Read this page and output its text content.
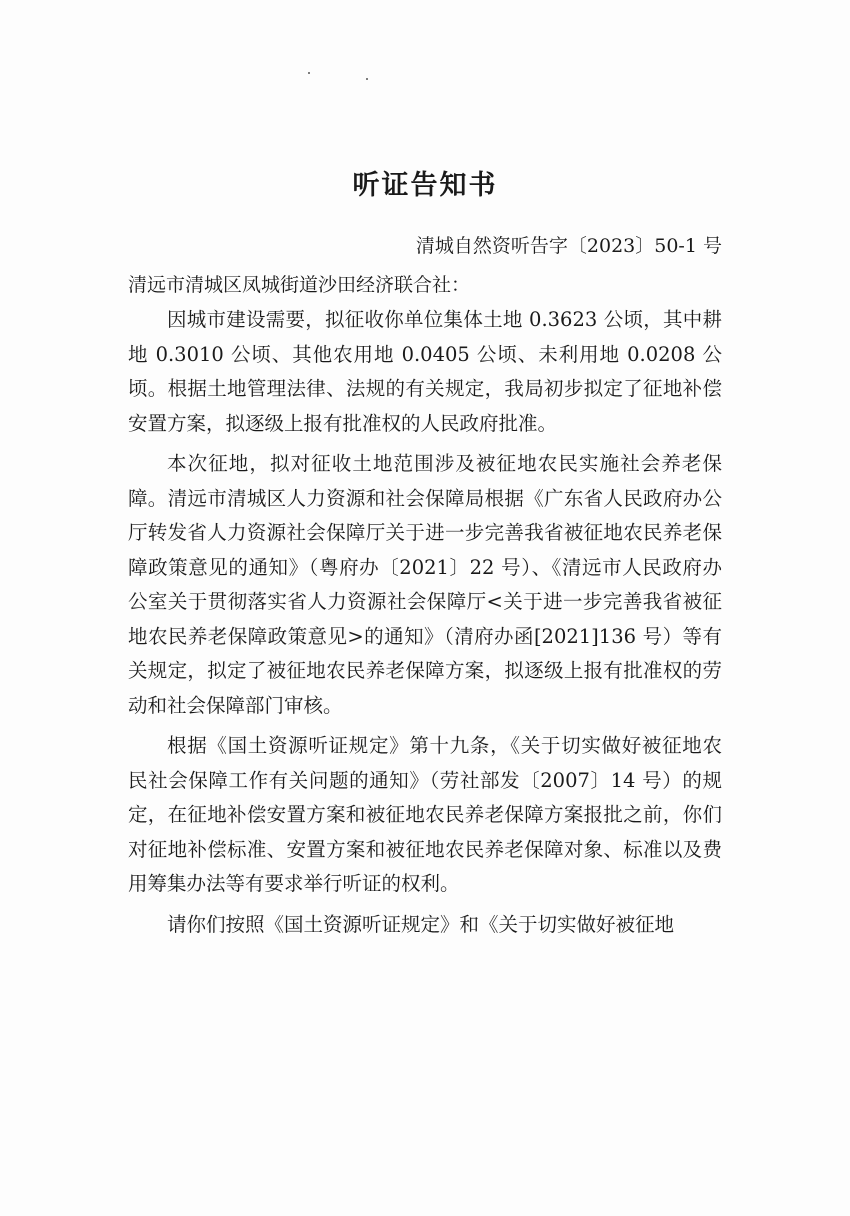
听证告知书
清城自然资听告字〔2023〕50-1 号
清远市清城区凤城街道沙田经济联合社：

因城市建设需要，拟征收你单位集体土地 0.3623 公顷，其中耕地 0.3010 公顷、其他农用地 0.0405 公顷、未利用地 0.0208 公顷。根据土地管理法律、法规的有关规定，我局初步拟定了征地补偿安置方案，拟逐级上报有批准权的人民政府批准。

本次征地，拟对征收土地范围涉及被征地农民实施社会养老保障。清远市清城区人力资源和社会保障局根据《广东省人民政府办公厅转发省人力资源社会保障厅关于进一步完善我省被征地农民养老保障政策意见的通知》（粤府办〔2021〕22 号）、《清远市人民政府办公室关于贯彻落实省人力资源社会保障厅<关于进一步完善我省被征地农民养老保障政策意见>的通知》（清府办函[2021]136 号）等有关规定，拟定了被征地农民养老保障方案，拟逐级上报有批准权的劳动和社会保障部门审核。

根据《国土资源听证规定》第十九条，《关于切实做好被征地农民社会保障工作有关问题的通知》（劳社部发〔2007〕14 号）的规定，在征地补偿安置方案和被征地农民养老保障方案报批之前，你们对征地补偿标准、安置方案和被征地农民养老保障对象、标准以及费用筹集办法等有要求举行听证的权利。

请你们按照《国土资源听证规定》和《关于切实做好被征地
